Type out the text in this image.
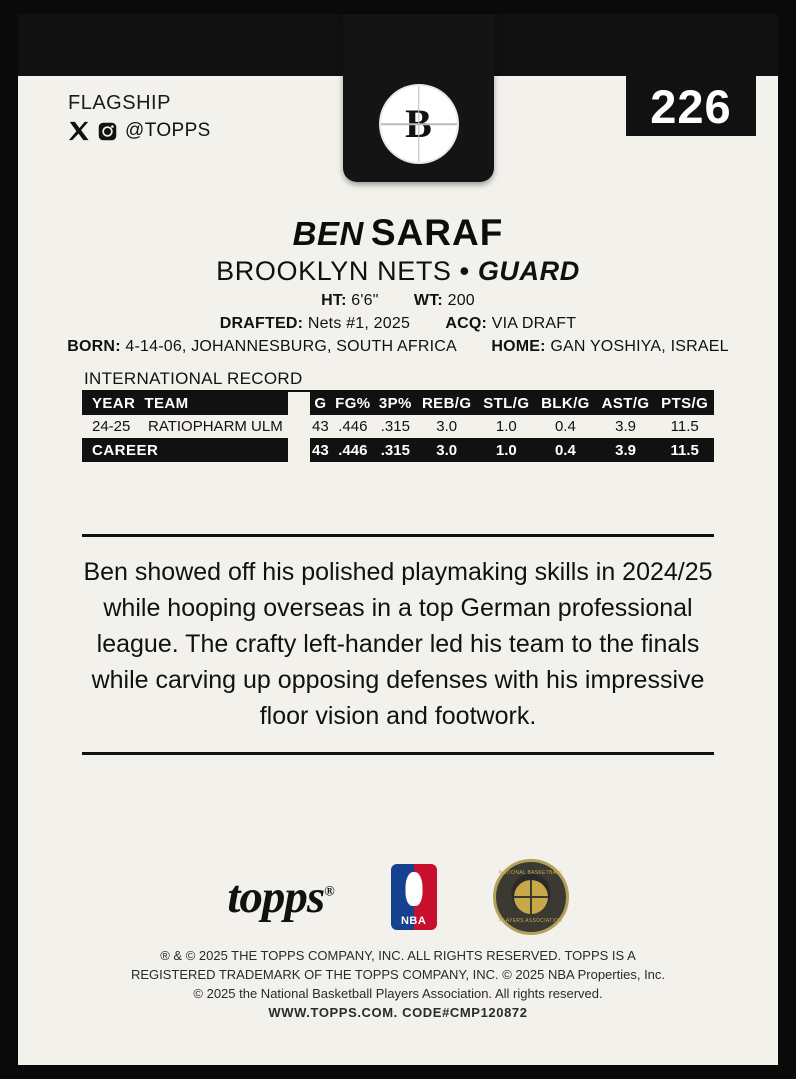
FLAGSHIP
@TOPPS	226
BEN SARAF
BROOKLYN NETS • GUARD
HT: 6'6" WT: 200
DRAFTED: Nets #1, 2025 ACQ: VIA DRAFT
BORN: 4-14-06, JOHANNESBURG, SOUTH AFRICA HOME: GAN YOSHIYA, ISRAEL
INTERNATIONAL RECORD
YEAR TEAM			G	FG%	3P%	REB/G	STL/G	BLK/G	AST/G	PTS/G
24-25	RATIOPHARM ULM		43	.446	.315	3.0	1.0	0.4	3.9	11.5
CAREER			43	.446	.315	3.0	1.0	0.4	3.9	11.5
Ben showed off his polished playmaking skills in 2024/25 while hooping overseas in a top German professional league. The crafty left-hander led his team to the finals while carving up opposing defenses with his impressive floor vision and footwork.
topps®
NBA
NATIONAL BASKETBALL
PLAYERS ASSOCIATION
® & © 2025 THE TOPPS COMPANY, INC. ALL RIGHTS RESERVED. TOPPS IS A
REGISTERED TRADEMARK OF THE TOPPS COMPANY, INC. © 2025 NBA Properties, Inc.
© 2025 the National Basketball Players Association. All rights reserved.
WWW.TOPPS.COM. CODE#CMP120872
